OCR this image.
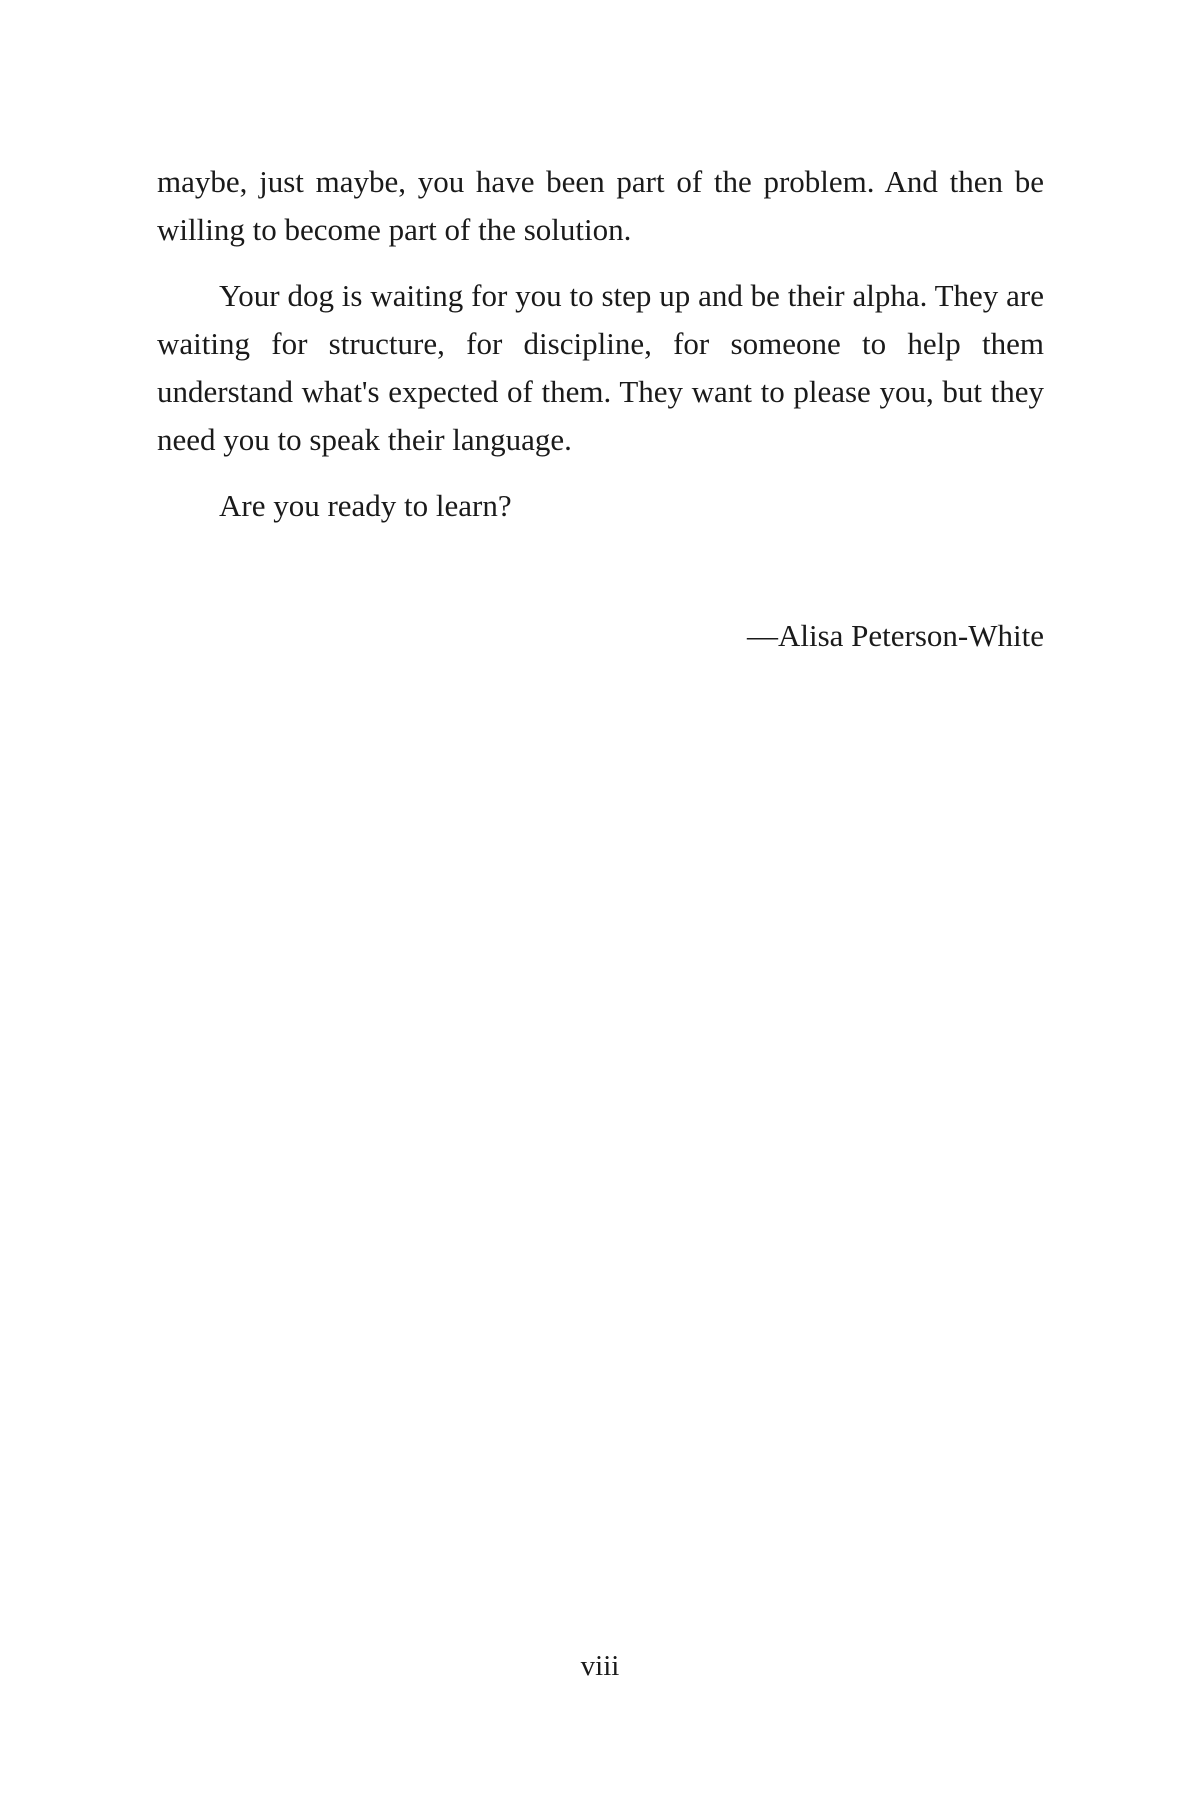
maybe, just maybe, you have been part of the problem. And then be willing to become part of the solution.

Your dog is waiting for you to step up and be their alpha. They are waiting for structure, for discipline, for someone to help them understand what's expected of them. They want to please you, but they need you to speak their language.

Are you ready to learn?

—Alisa Peterson-White
viii
